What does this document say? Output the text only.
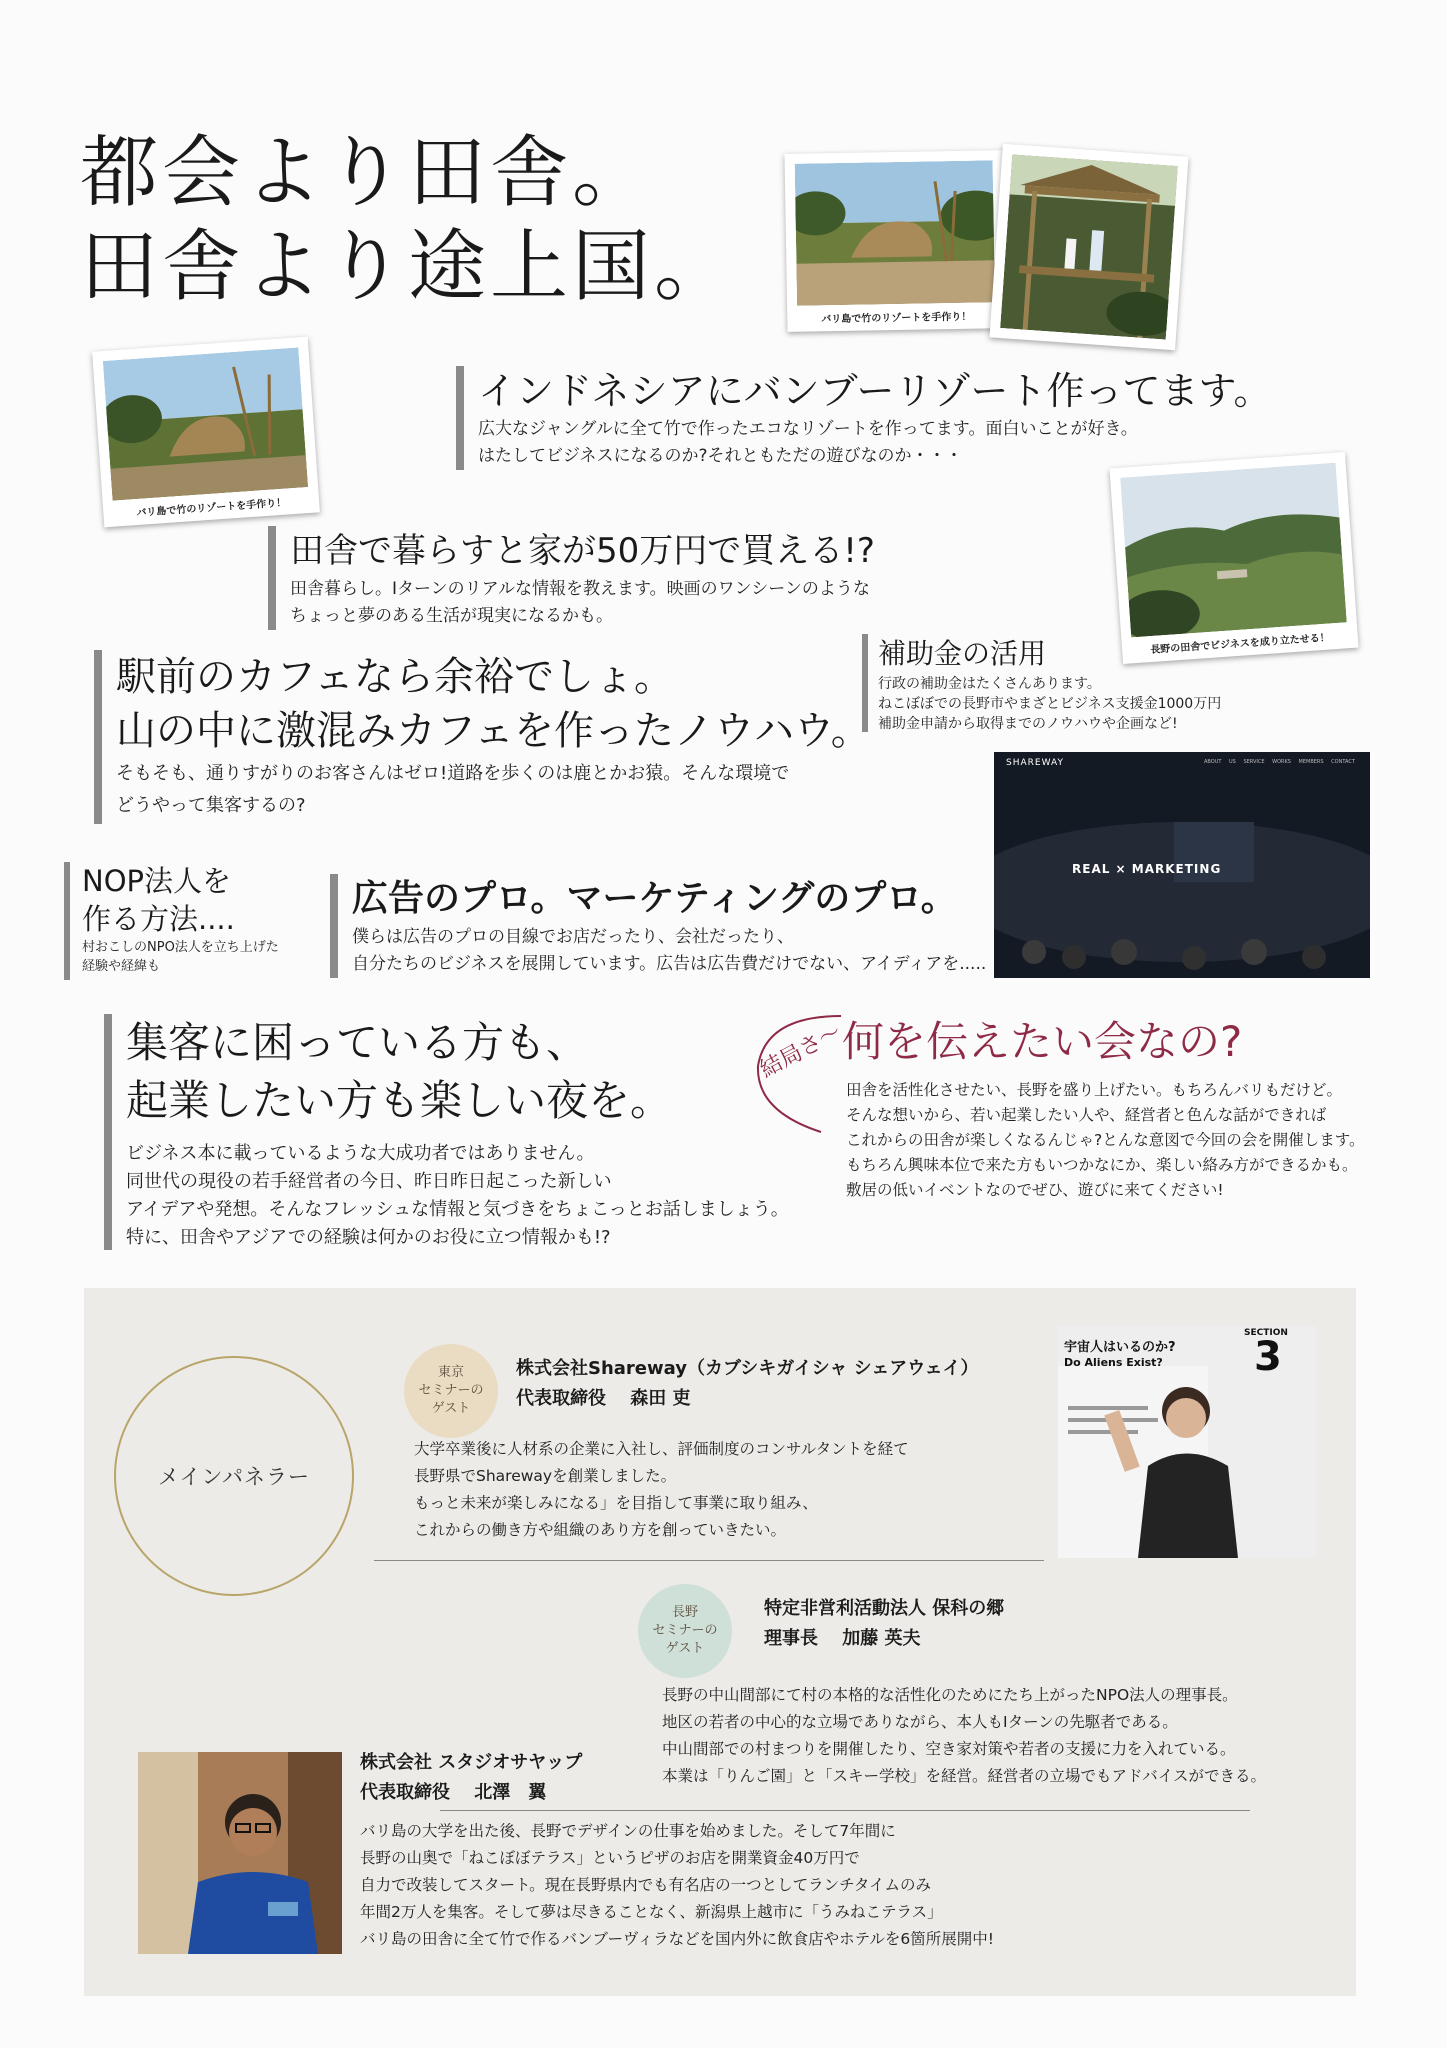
都会より田舎。
田舎より途上国。
バリ島で竹のリゾートを手作り！
バリ島で竹のリゾートを手作り！
長野の田舎でビジネスを成り立たせる！
SHAREWAY	ABOUT US SERVICE WORKS MEMBERS CONTACT
REAL × MARKETING
インドネシアにバンブーリゾート作ってます。
広大なジャングルに全て竹で作ったエコなリゾートを作ってます。面白いことが好き。
はたしてビジネスになるのか?それともただの遊びなのか・・・
田舎で暮らすと家が50万円で買える!?
田舎暮らし。Iターンのリアルな情報を教えます。映画のワンシーンのような
ちょっと夢のある生活が現実になるかも。
補助金の活用
行政の補助金はたくさんあります。
ねこぼぼでの長野市やまざとビジネス支援金1000万円
補助金申請から取得までのノウハウや企画など!
駅前のカフェなら余裕でしょ。
山の中に激混みカフェを作ったノウハウ。
そもそも、通りすがりのお客さんはゼロ!道路を歩くのは鹿とかお猿。そんな環境で
どうやって集客するの?
NOP法人を
作る方法....
村おこしのNPO法人を立ち上げた
経験や経緯も
広告のプロ。マーケティングのプロ。
僕らは広告のプロの目線でお店だったり、会社だったり、
自分たちのビジネスを展開しています。広告は広告費だけでない、アイディアを.....
集客に困っている方も、
起業したい方も楽しい夜を。
ビジネス本に載っているような大成功者ではありません。
同世代の現役の若手経営者の今日、昨日昨日起こった新しい
アイデアや発想。そんなフレッシュな情報と気づきをちょこっとお話しましょう。
特に、田舎やアジアでの経験は何かのお役に立つ情報かも!?
結局さ〜
何を伝えたい会なの?
田舎を活性化させたい、長野を盛り上げたい。もちろんバリもだけど。
そんな想いから、若い起業したい人や、経営者と色んな話ができれば
これからの田舎が楽しくなるんじゃ?とんな意図で今回の会を開催します。
もちろん興味本位で来た方もいつかなにか、楽しい絡み方ができるかも。
敷居の低いイベントなのでぜひ、遊びに来てください!
メインパネラー
東京
セミナーの
ゲスト
株式会社Shareway（カブシキガイシャ シェアウェイ）
代表取締役　 森田 吏
大学卒業後に人材系の企業に入社し、評価制度のコンサルタントを経て
長野県でSharewayを創業しました。
もっと未来が楽しみになる」を目指して事業に取り組み、
これからの働き方や組織のあり方を創っていきたい。
宇宙人はいるのか?
Do Aliens Exist?
SECTION
3
長野
セミナーの
ゲスト
特定非営利活動法人 保科の郷
理事長　 加藤 英夫
長野の中山間部にて村の本格的な活性化のためにたち上がったNPO法人の理事長。
地区の若者の中心的な立場でありながら、本人もIターンの先駆者である。
中山間部での村まつりを開催したり、空き家対策や若者の支援に力を入れている。
本業は「りんご園」と「スキー学校」を経営。経営者の立場でもアドバイスができる。
株式会社 スタジオサヤップ
代表取締役　 北澤　翼
バリ島の大学を出た後、長野でデザインの仕事を始めました。そして7年間に
長野の山奥で「ねこぼぼテラス」というピザのお店を開業資金40万円で
自力で改装してスタート。現在長野県内でも有名店の一つとしてランチタイムのみ
年間2万人を集客。そして夢は尽きることなく、新潟県上越市に「うみねこテラス」
バリ島の田舎に全て竹で作るバンブーヴィラなどを国内外に飲食店やホテルを6箇所展開中!
